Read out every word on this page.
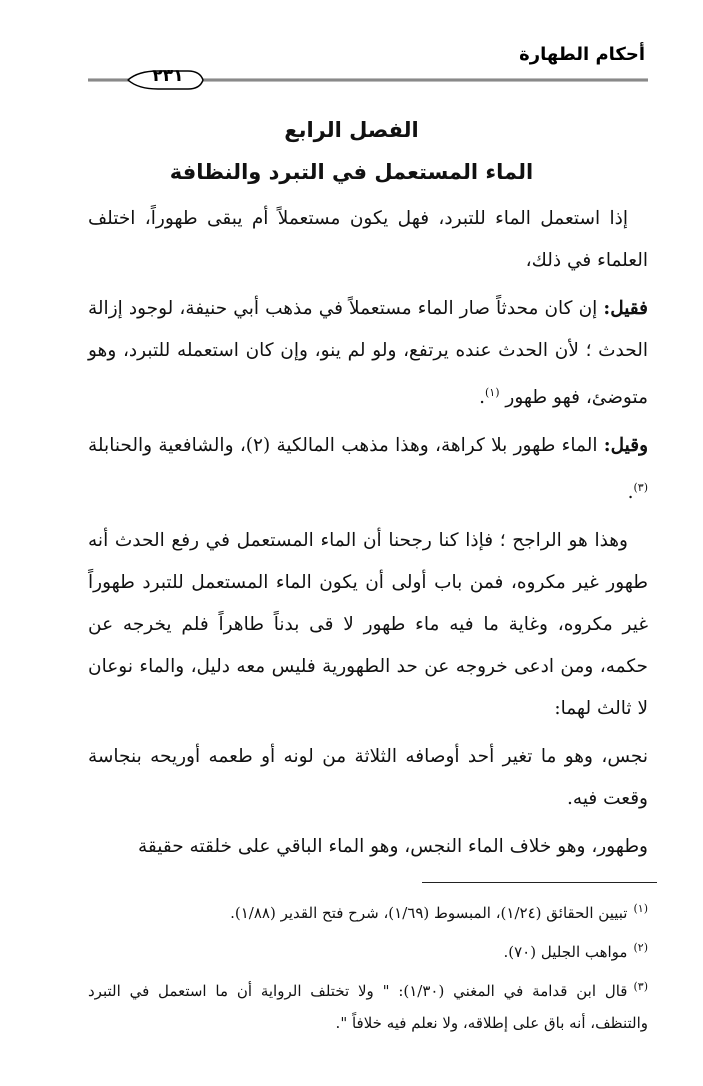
أحكام الطهارة
٢٣١
الفصل الرابع
الماء المستعمل في التبرد والنظافة

إذا استعمل الماء للتبرد، فهل يكون مستعملاً أم يبقى طهوراً، اختلف العلماء في ذلك،

فقيل: إن كان محدثاً صار الماء مستعملاً في مذهب أبي حنيفة، لوجود إزالة الحدث ؛ لأن الحدث عنده يرتفع، ولو لم ينو، وإن كان استعمله للتبرد، وهو متوضئ، فهو طهور $^{(١)}$.

وقيل: الماء طهور بلا كراهة، وهذا مذهب المالكية (٢)، والشافعية والحنابلة $^{(٣)}$.

وهذا هو الراجح ؛ فإذا كنا رجحنا أن الماء المستعمل في رفع الحدث أنه طهور غير مكروه، فمن باب أولى أن يكون الماء المستعمل للتبرد طهوراً غير مكروه، وغاية ما فيه ماء طهور لا قى بدناً طاهراً فلم يخرجه عن حكمه، ومن ادعى خروجه عن حد الطهورية فليس معه دليل، والماء نوعان لا ثالث لهما:

نجس، وهو ما تغير أحد أوصافه الثلاثة من لونه أو طعمه أوريحه بنجاسة وقعت فيه.

وطهور، وهو خلاف الماء النجس، وهو الماء الباقي على خلقته حقيقة

$^{(١)}$تبيين الحقائق (١/٢٤)، المبسوط (١/٦٩)، شرح فتح القدير (١/٨٨).

$^{(٢)}$مواهب الجليل (٧٠).

$^{(٣)}$قال ابن قدامة في المغني (١/٣٠): " ولا تختلف الرواية أن ما استعمل في التبرد والتنظف، أنه باق على إطلاقه، ولا نعلم فيه خلافاً ".
